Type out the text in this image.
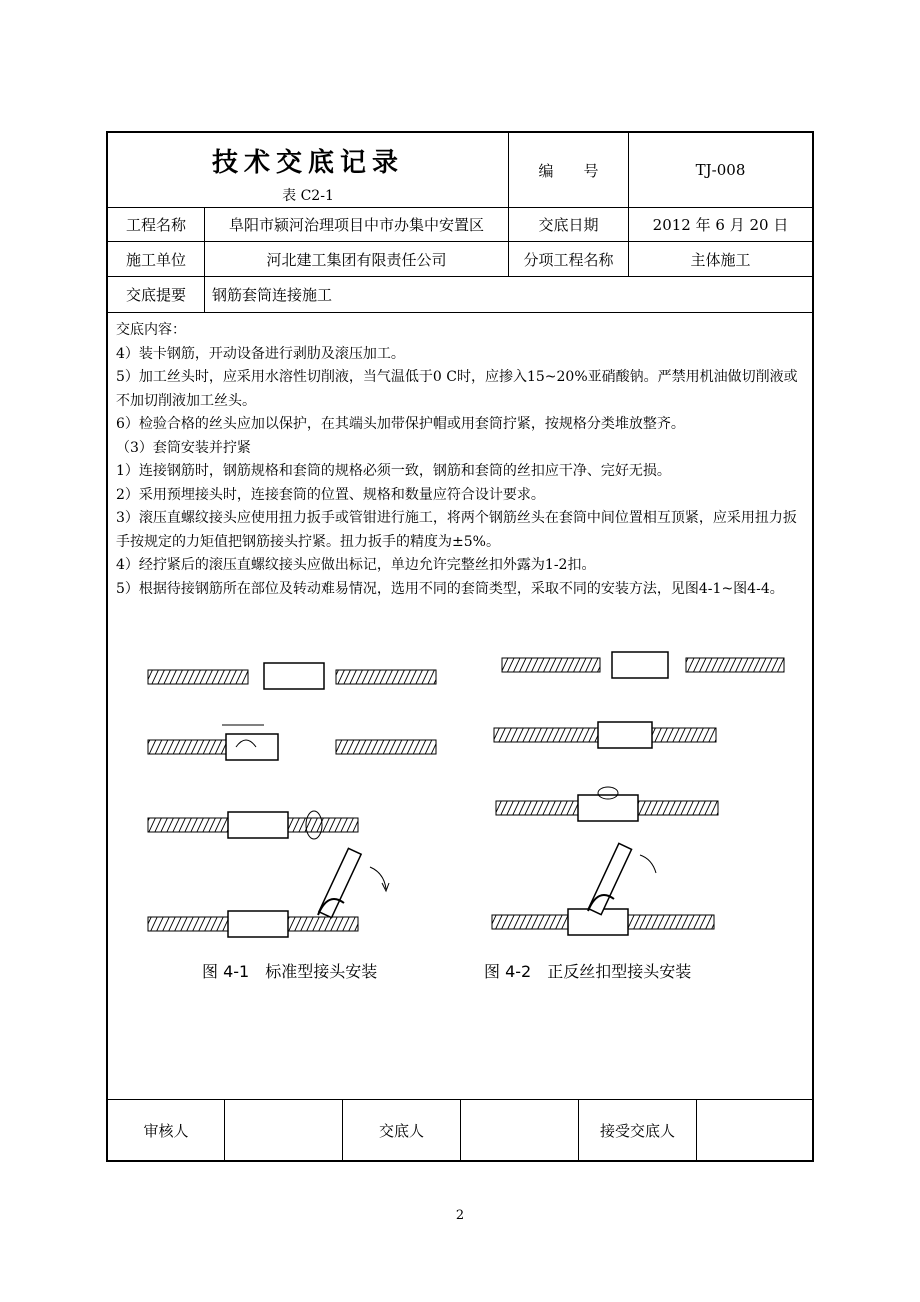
技术交底记录
表 C2-1
编　　号	TJ-008
工程名称	阜阳市颍河治理项目中市办集中安置区	交底日期	2012 年 6 月 20 日
施工单位	河北建工集团有限责任公司	分项工程名称	主体施工
交底提要	钢筋套筒连接施工

交底内容：

4）装卡钢筋，开动设备进行剥肋及滚压加工。

5）加工丝头时，应采用水溶性切削液，当气温低于0 C时，应掺入15~20%亚硝酸钠。严禁用机油做切削液或不加切削液加工丝头。

6）检验合格的丝头应加以保护，在其端头加带保护帽或用套筒拧紧，按规格分类堆放整齐。

（3）套筒安装并拧紧

1）连接钢筋时，钢筋规格和套筒的规格必须一致，钢筋和套筒的丝扣应干净、完好无损。

2）采用预埋接头时，连接套筒的位置、规格和数量应符合设计要求。

3）滚压直螺纹接头应使用扭力扳手或管钳进行施工，将两个钢筋丝头在套筒中间位置相互顶紧，应采用扭力扳手按规定的力矩值把钢筋接头拧紧。扭力扳手的精度为±5%。

4）经拧紧后的滚压直螺纹接头应做出标记，单边允许完整丝扣外露为1-2扣。

5）根据待接钢筋所在部位及转动难易情况，选用不同的套筒类型，采取不同的安装方法，见图4-1~图4-4。

图 4-1　标准型接头安装	图 4-2　正反丝扣型接头安装
审核人	交底人	接受交底人
2
